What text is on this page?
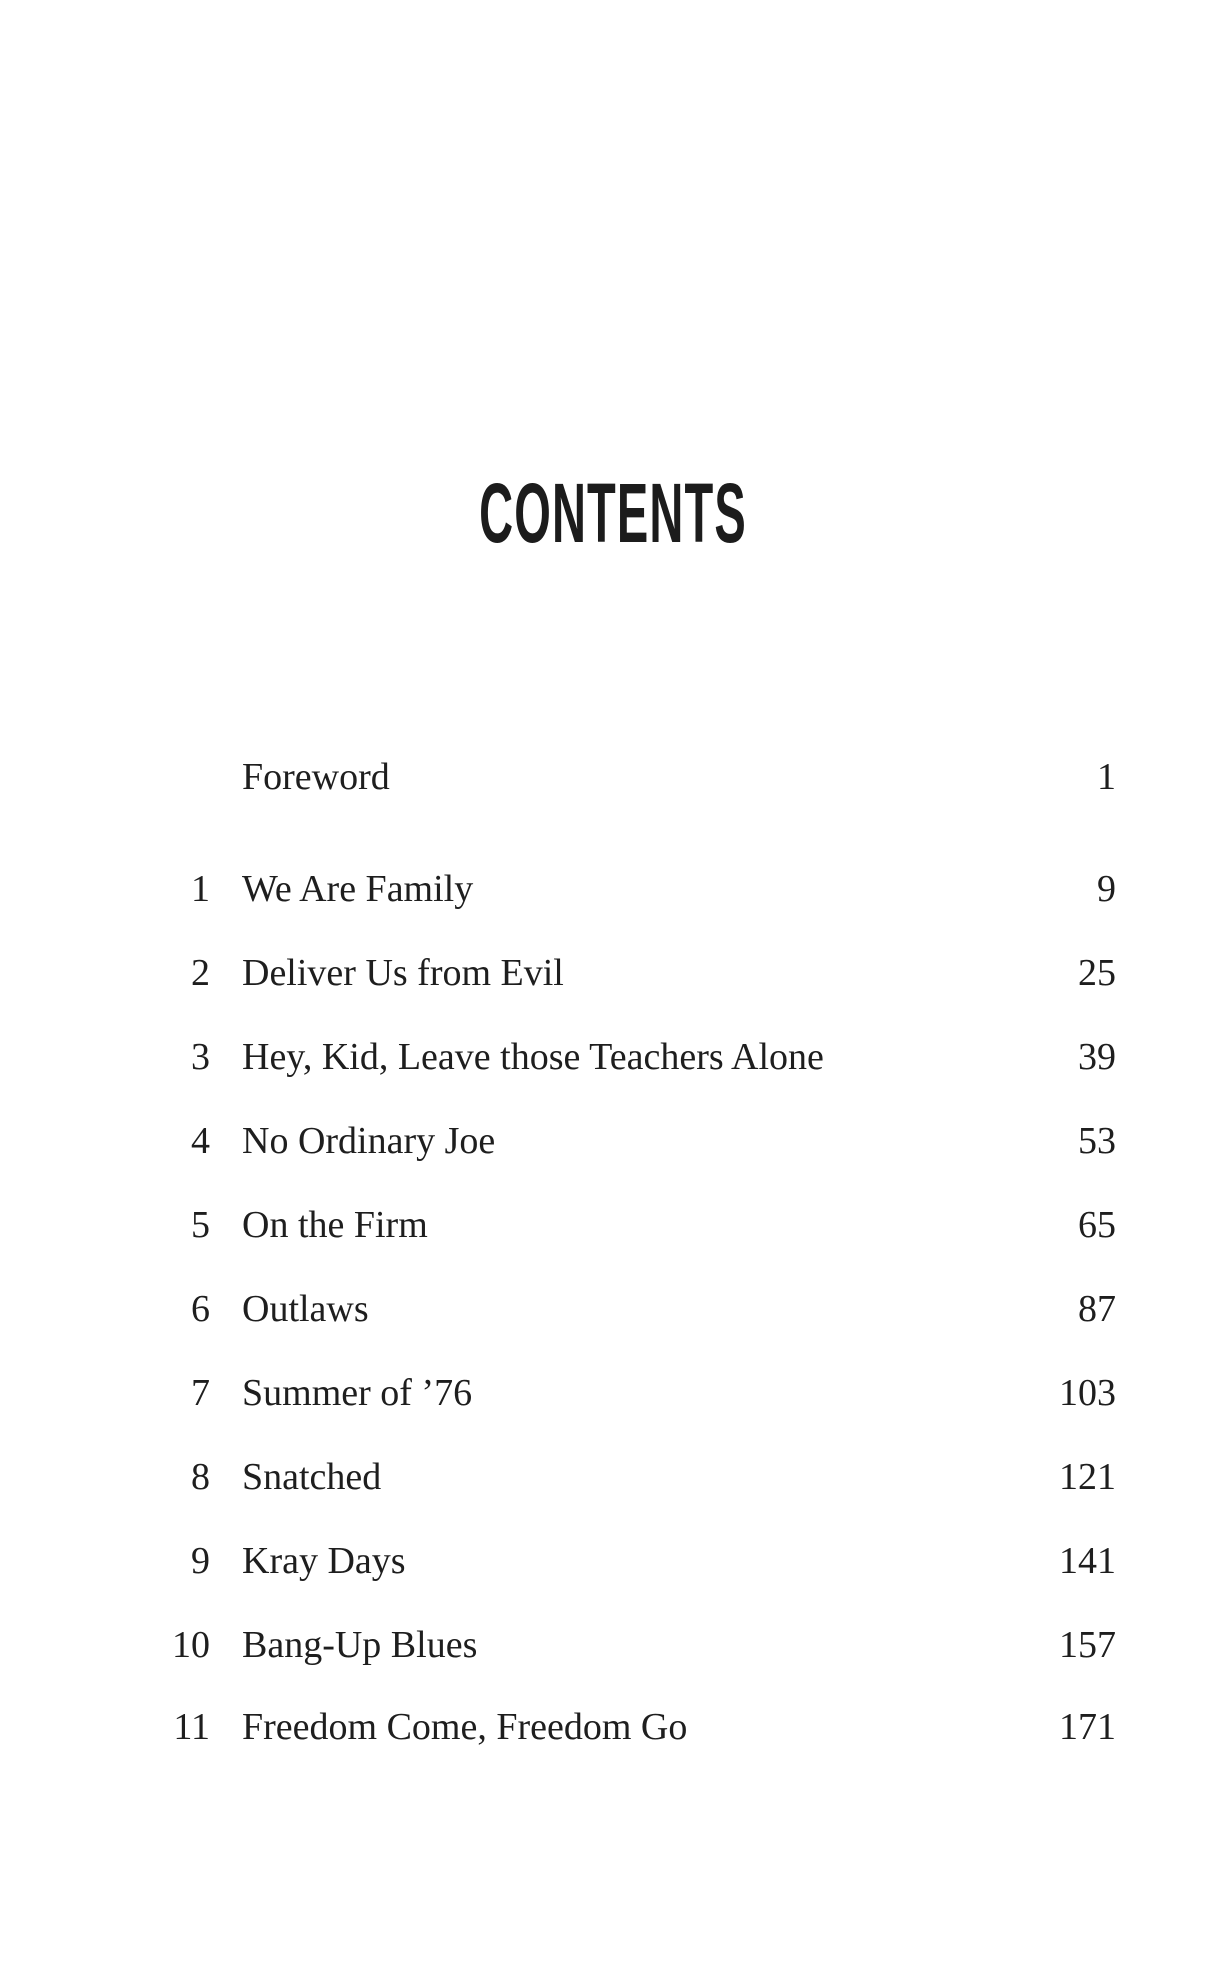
CONTENTS
Foreword	1
1 We Are Family	9
2 Deliver Us from Evil	25
3 Hey, Kid, Leave those Teachers Alone	39
4 No Ordinary Joe	53
5 On the Firm	65
6 Outlaws	87
7 Summer of ’76	103
8 Snatched	121
9 Kray Days	141
10 Bang-Up Blues	157
11 Freedom Come, Freedom Go	171
